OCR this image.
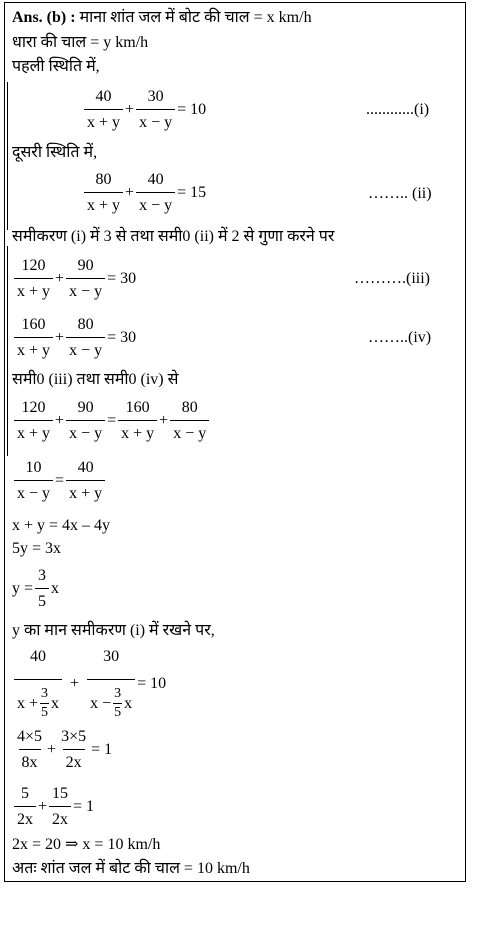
Ans. (b) : माना शांत जल में बोट की चाल = x km/h
धारा की चाल = y km/h
पहली स्थिति में,
40
x + y
+ $\frac{30}{x - y} = 10$	............(i)
दूसरी स्थिति में,
80
x + y
+ $\frac{40}{x - y} = 15$	…….. (ii)
समीकरण (i) में 3 से तथा समी0 (ii) में 2 से गुणा करने पर
120
x + y
+ $\frac{90}{x - y} = 30$	……….(iii)
160
x + y
+ $\frac{80}{x - y} = 30$	……..(iv)
समी0 (iii) तथा समी0 (iv) से
120
x + y
+ $\frac{90}{x - y} = \frac{160}{x + y} + \frac{80}{x - y}$
$\frac{10}{x - y} = \frac{40}{x + y}$
x + y = 4x – 4y
5y = 3x
$y = \frac{3}{5}$ x
y का मान समीकरण (i) में रखने पर,
40
$x + \frac{3}{5}$ x
+ $\frac{30}{x - \frac{3}{5} x} = 10$
4×5
8x
+ $\frac{3\times 5}{2x} = 1$
5
2x
+ $\frac{15}{2x} = 1$
2x = 20 ⇒ x = 10 km/h
अतः शांत जल में बोट की चाल = 10 km/h
